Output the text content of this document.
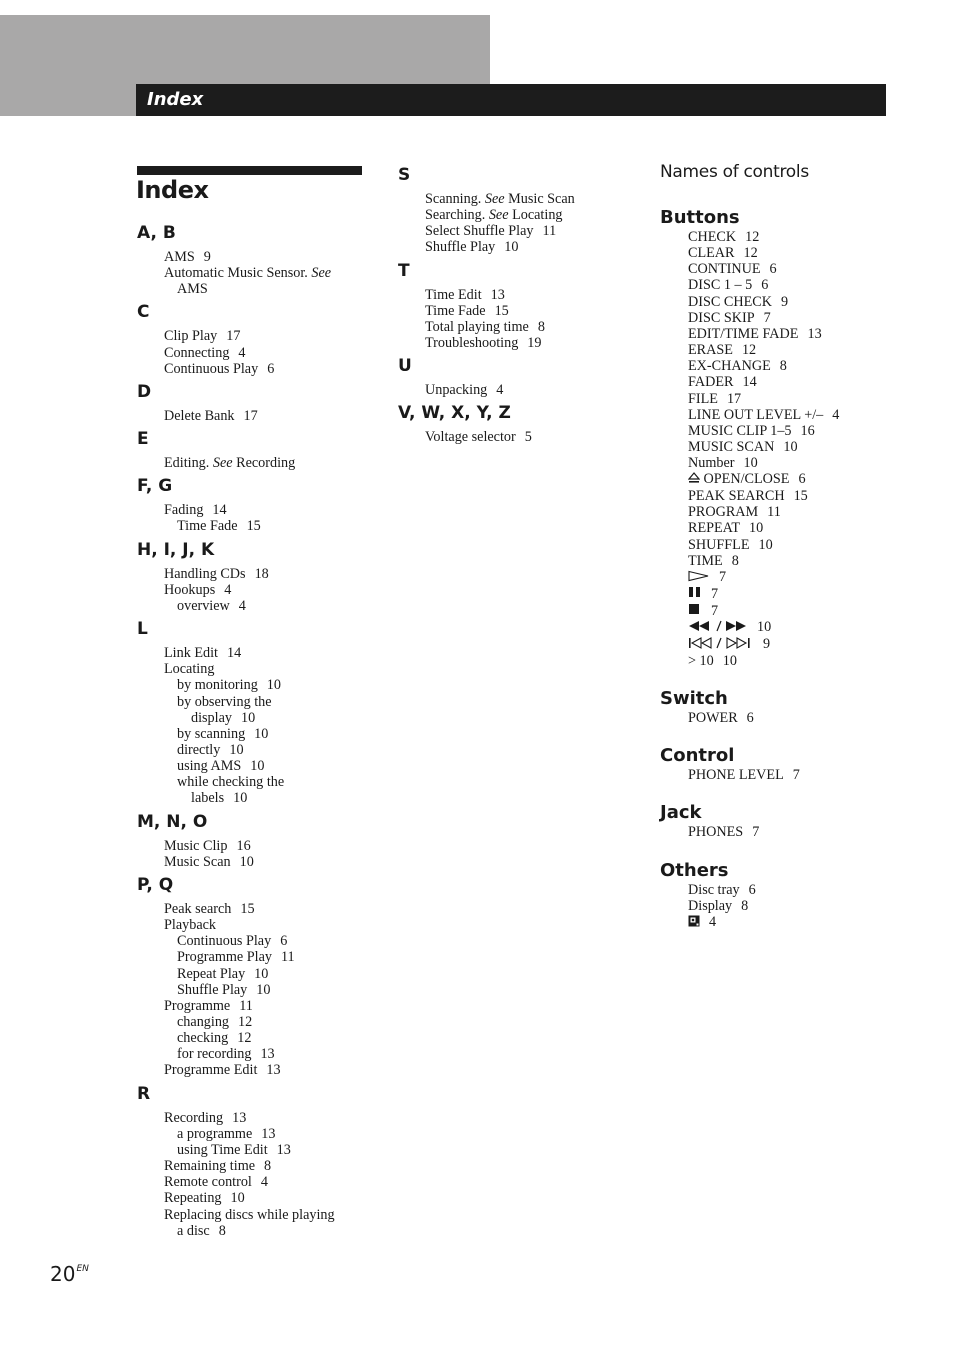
Index
Index
A, B
AMS 9
Automatic Music Sensor. See
AMS
C
Clip Play 17
Connecting 4
Continuous Play 6
D
Delete Bank 17
E
Editing. See Recording
F, G
Fading 14
Time Fade 15
H, I, J, K
Handling CDs 18
Hookups 4
overview 4
L
Link Edit 14
Locating
by monitoring 10
by observing the
display 10
by scanning 10
directly 10
using AMS 10
while checking the
labels 10
M, N, O
Music Clip 16
Music Scan 10
P, Q
Peak search 15
Playback
Continuous Play 6
Programme Play 11
Repeat Play 10
Shuffle Play 10
Programme 11
changing 12
checking 12
for recording 13
Programme Edit 13
R
Recording 13
a programme 13
using Time Edit 13
Remaining time 8
Remote control 4
Repeating 10
Replacing discs while playing
a disc 8
S
Scanning. See Music Scan
Searching. See Locating
Select Shuffle Play 11
Shuffle Play 10
T
Time Edit 13
Time Fade 15
Total playing time 8
Troubleshooting 19
U
Unpacking 4
V, W, X, Y, Z
Voltage selector 5
Names of controls
Buttons
CHECK 12
CLEAR 12
CONTINUE 6
DISC 1 – 5 6
DISC CHECK 9
DISC SKIP 7
EDIT/TIME FADE 13
ERASE 12
EX-CHANGE 8
FADER 14
FILE 17
LINE OUT LEVEL +/– 4
MUSIC CLIP 1–5 16
MUSIC SCAN 10
Number 10
OPEN/CLOSE 6
PEAK SEARCH 15
PROGRAM 11
REPEAT 10
SHUFFLE 10
TIME 8
7
7
7
10
9
> 10 10
Switch
POWER 6
Control
PHONE LEVEL 7
Jack
PHONES 7
Others
Disc tray 6
Display 8
4
$20^{EN}$
